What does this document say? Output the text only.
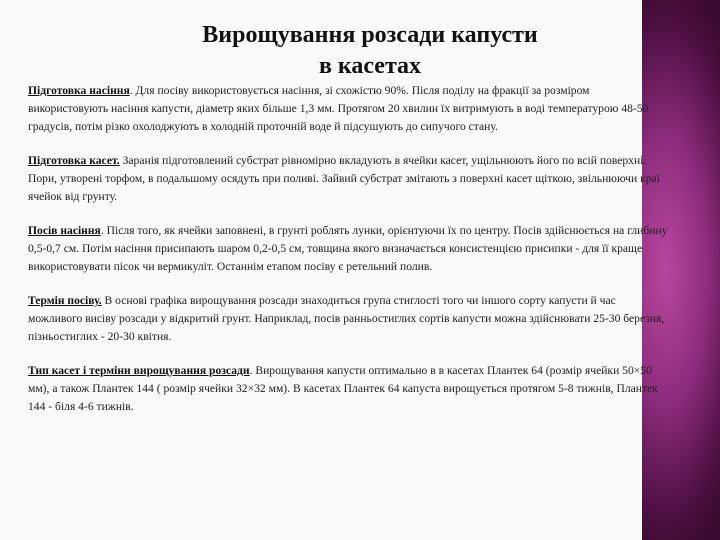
Вирощування розсади капусти
в касетах

Підготовка насіння. Для посіву використовується насіння, зі схожістю 90%. Після поділу на фракції за розміром використовують насіння капусти, діаметр яких більше 1,3 мм. Протягом 20 хвилин їх витримують в воді температурою 48-50 градусів, потім різко охолоджують в холодній проточній воде й підсушують до сипучого стану.

Підготовка касет. Заранія підготовлений субстрат рівномірно вкладують в ячейки касет, ущільнюють його по всій поверхні. Пори, утворені торфом, в подальшому осядуть при поливі. Зайвий субстрат змітають з поверхні касет щіткою, звільнюючи краї ячейок від грунту.

Посів насіння. Після того, як ячейки заповнені, в грунті роблять лунки, орієнтуючи їх по центру. Посів здійснюється на глибину 0,5-0,7 см. Потім насіння присипають шаром 0,2-0,5 см, товщина якого визначається консистенцією присипки - для її краще використовувати пісок чи вермикуліт. Останнім етапом посіву є ретельний полив.

Термін посіву. В основі графіка вирощування розсади знаходиться група стиглості того чи іншого сорту капусти й час можливого висіву розсади у відкритий грунт. Наприклад, посів ранньостиглих сортів капусти можна здійснювати 25-30 березня, пізньостиглих - 20-30 квітня.

Тип касет і терміни вирощування розсади. Вирощування капусти оптимально в в касетах Плантек 64 (розмір ячейки 50×50 мм), а також Плантек 144 ( розмір ячейки 32×32 мм). В касетах Плантек 64 капуста вирощується протягом 5-8 тижнів, Плантек 144 - біля 4-6 тижнів.
